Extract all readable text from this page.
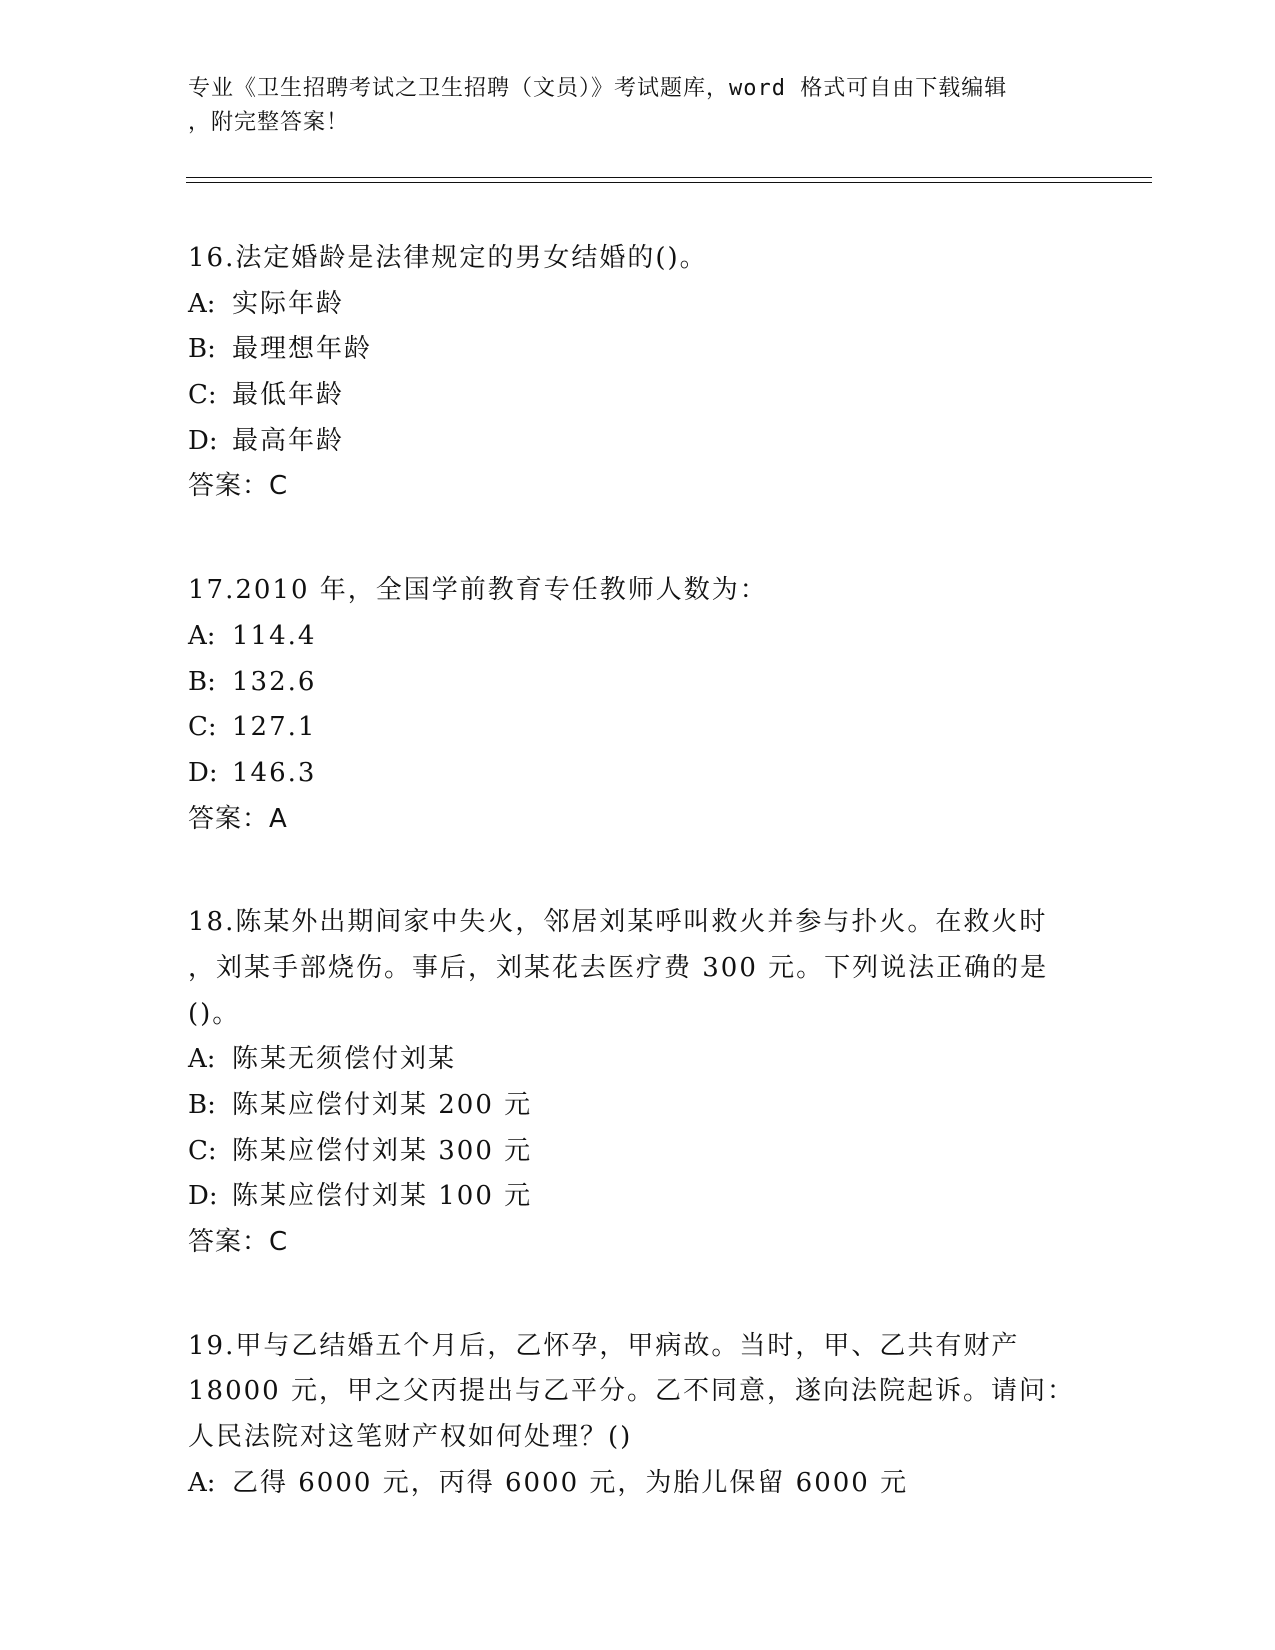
专业《卫生招聘考试之卫生招聘（文员）》考试题库，word 格式可自由下载编辑
，附完整答案！
16.法定婚龄是法律规定的男女结婚的()。
A: 实际年龄
B: 最理想年龄
C: 最低年龄
D: 最高年龄
答案：C
17.2010 年，全国学前教育专任教师人数为：
A: 114.4
B: 132.6
C: 127.1
D: 146.3
答案：A
18.陈某外出期间家中失火，邻居刘某呼叫救火并参与扑火。在救火时
，刘某手部烧伤。事后，刘某花去医疗费 300 元。下列说法正确的是
()。
A: 陈某无须偿付刘某
B: 陈某应偿付刘某 200 元
C: 陈某应偿付刘某 300 元
D: 陈某应偿付刘某 100 元
答案：C
19.甲与乙结婚五个月后，乙怀孕，甲病故。当时，甲、乙共有财产
18000 元，甲之父丙提出与乙平分。乙不同意，遂向法院起诉。请问：
人民法院对这笔财产权如何处理？()
A: 乙得 6000 元，丙得 6000 元，为胎儿保留 6000 元
